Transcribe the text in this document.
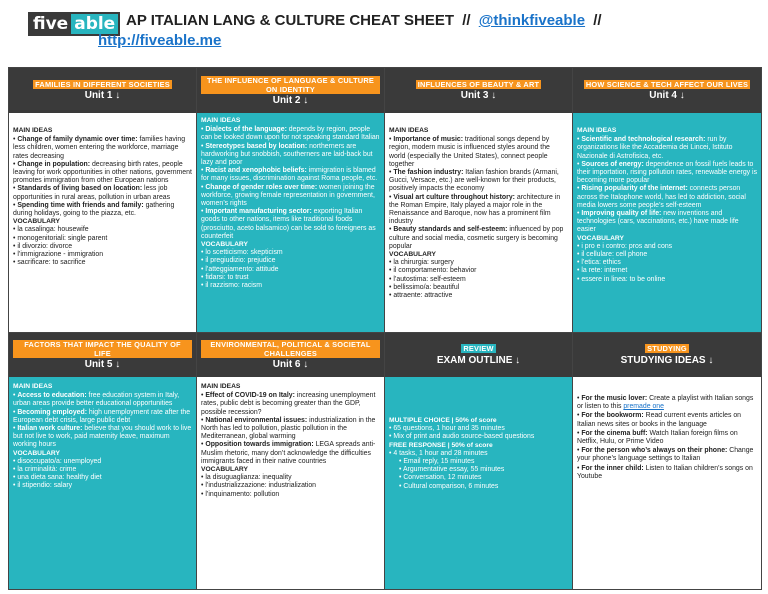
five able AP ITALIAN LANG & CULTURE CHEAT SHEET // @thinkfiveable //
http://fiveable.me
FAMILIES IN DIFFERENT SOCIETIES
Unit 1 ↓
MAIN IDEAS
• Change of family dynamic over time: families having less children, women entering the workforce, marriage rates decreasing
• Change in population: decreasing birth rates, people leaving for work opportunities in other nations, government promotes immigration from other European nations
• Standards of living based on location: less job opportunities in rural areas, pollution in urban areas
• Spending time with friends and family: gathering during holidays, going to the piazza, etc.
VOCABULARY
• la casalinga: housewife
• monogenitoriali: single parent
• il divorzio: divorce
• l’immigrazione - immigration
• sacrificare: to sacrifice
THE INFLUENCE OF LANGUAGE & CULTURE ON IDENTITY
Unit 2 ↓
MAIN IDEAS
• Dialects of the language: depends by region, people can be looked down upon for not speaking standard Italian
• Stereotypes based by location: northerners are hardworking but snobbish, southerners are laid-back but lazy and poor
• Racist and xenophobic beliefs: immigration is blamed for many issues, discrimination against Roma people, etc.
• Change of gender roles over time: women joining the workforce, growing female representation in government, women’s rights
• Important manufacturing sector: exporting Italian goods to other nations, items like traditional foods (prosciutto, aceto balsamico) can be sold to foreigners as counterfeit
VOCABULARY
• lo scetticismo: skepticism
• il pregiudizio: prejudice
• l’atteggiamento: attitude
• fidarsi: to trust
• il razzismo: racism
INFLUENCES OF BEAUTY & ART
Unit 3 ↓
MAIN IDEAS
• Importance of music: traditional songs depend by region, modern music is influenced styles around the world (especially the United States), connect people together
• The fashion industry: Italian fashion brands (Armani, Gucci, Versace, etc.) are well-known for their products, positively impacts the economy
• Visual art culture throughout history: architecture in the Roman Empire, Italy played a major role in the Renaissance and Baroque, now has a prominent film industry
• Beauty standards and self-esteem: influenced by pop culture and social media, cosmetic surgery is becoming popular
VOCABULARY
• la chirurgia: surgery
• il comportamento: behavior
• l’autostima: self-esteem
• bellissimo/a: beautiful
• attraente: attractive
HOW SCIENCE & TECH AFFECT OUR LIVES
Unit 4 ↓
MAIN IDEAS
• Scientific and technological research: run by organizations like the Accademia dei Lincei, Istituto Nazionale di Astrofisica, etc.
• Sources of energy: dependence on fossil fuels leads to their importation, rising pollution rates, renewable energy is becoming more popular
• Rising popularity of the internet: connects person across the Italophone world, has led to addiction, social media lowers some people’s self-esteem
• Improving quality of life: new inventions and technologies (cars, vaccinations, etc.) have made life easier
VOCABULARY
• i pro e i contro: pros and cons
• il cellulare: cell phone
• l’etica: ethics
• la rete: internet
• essere in linea: to be online
FACTORS THAT IMPACT THE QUALITY OF LIFE
Unit 5 ↓
MAIN IDEAS
• Access to education: free education system in Italy, urban areas provide better educational opportunities
• Becoming employed: high unemployment rate after the European debt crisis, large public debt
• Italian work culture: believe that you should work to live but not live to work, paid maternity leave, maximum working hours
VOCABULARY
• disoccupato/a: unemployed
• la criminalità: crime
• una dieta sana: healthy diet
• il stipendio: salary
ENVIRONMENTAL, POLITICAL & SOCIETAL CHALLENGES
Unit 6 ↓
MAIN IDEAS
• Effect of COVID-19 on Italy: increasing unemployment rates, public debt is becoming greater than the GDP, possible recession?
• National environmental issues: industrialization in the North has led to pollution, plastic pollution in the Mediterranean, global warming
• Opposition towards immigration: LEGA spreads anti-Muslim rhetoric, many don’t acknowledge the difficulties immigrants faced in their native countries
VOCABULARY
• la disuguaglianza: inequality
• l’industrializzazione: industrialization
• l’inquinamento: pollution
REVIEW
EXAM OUTLINE ↓
MULTIPLE CHOICE | 50% of score
• 65 questions, 1 hour and 35 minutes
• Mix of print and audio source-based questions
FREE RESPONSE | 50% of score
• 4 tasks, 1 hour and 28 minutes
• Email reply, 15 minutes
• Argumentative essay, 55 minutes
• Conversation, 12 minutes
• Cultural comparison, 6 minutes
STUDYING
STUDYING IDEAS ↓
• For the music lover: Create a playlist with Italian songs or listen to this premade one
• For the bookworm: Read current events articles on Italian news sites or books in the language
• For the cinema buff: Watch Italian foreign films on Netflix, Hulu, or Prime Video
• For the person who’s always on their phone: Change your phone’s language settings to Italian
• For the inner child: Listen to Italian children’s songs on Youtube
